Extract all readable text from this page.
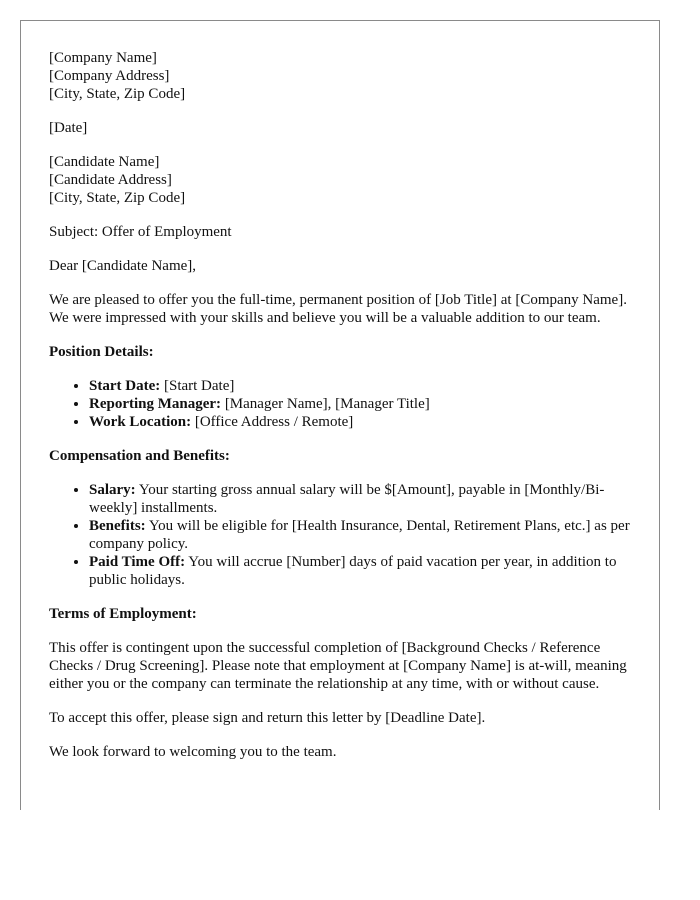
[Company Name]
[Company Address]
[City, State, Zip Code]

[Date]

[Candidate Name]
[Candidate Address]
[City, State, Zip Code]

Subject: Offer of Employment

Dear [Candidate Name],

We are pleased to offer you the full-time, permanent position of [Job Title] at [Company Name]. We were impressed with your skills and believe you will be a valuable addition to our team.

Position Details:
• Start Date: [Start Date]
• Reporting Manager: [Manager Name], [Manager Title]
• Work Location: [Office Address / Remote]
Compensation and Benefits:
• Salary: Your starting gross annual salary will be $[Amount], payable in [Monthly/Bi-weekly] installments.
• Benefits: You will be eligible for [Health Insurance, Dental, Retirement Plans, etc.] as per company policy.
• Paid Time Off: You will accrue [Number] days of paid vacation per year, in addition to public holidays.
Terms of Employment:

This offer is contingent upon the successful completion of [Background Checks / Reference Checks / Drug Screening]. Please note that employment at [Company Name] is at-will, meaning either you or the company can terminate the relationship at any time, with or without cause.

To accept this offer, please sign and return this letter by [Deadline Date].

We look forward to welcoming you to the team.
